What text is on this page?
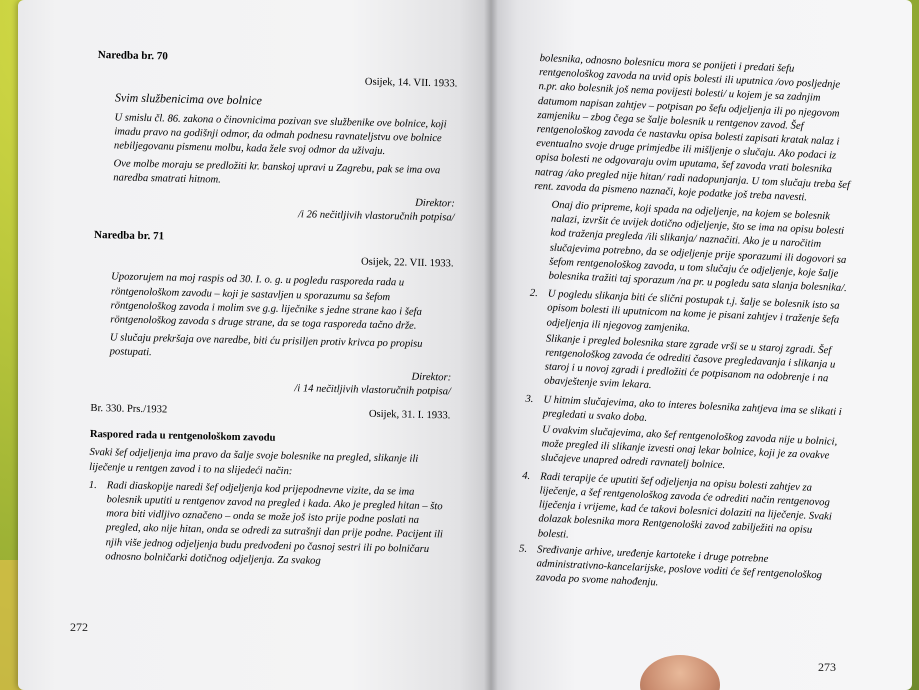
Naredba br. 70
Osijek, 14. VII. 1933.
Svim službenicima ove bolnice
U smislu čl. 86. zakona o činovnicima pozivan sve službenike ove bolnice, koji imadu pravo na godišnji odmor, da odmah podnesu ravnateljstvu ove bolnice nebiljegovanu pismenu molbu, kada žele svoj odmor da uživaju.
Ove molbe moraju se predložiti kr. banskoj upravi u Zagrebu, pak se ima ova naredba smatrati hitnom.
Direktor:
/i 26 nečitljivih vlastoručnih potpisa/
Naredba br. 71
Osijek, 22. VII. 1933.
Upozorujem na moj raspis od 30. I. o. g. u pogledu rasporeda rada u röntgenološkom zavodu – koji je sastavljen u sporazumu sa šefom röntgenološkog zavoda i molim sve g.g. liječnike s jedne strane kao i šefa röntgenološkog zavoda s druge strane, da se toga rasporeda tačno drže.
U slučaju prekršaja ove naredbe, biti ću prisiljen protiv krivca po propisu postupati.
Direktor:
/i 14 nečitljivih vlastoručnih potpisa/
Br. 330. Prs./1932	Osijek, 31. I. 1933.
Raspored rada u rentgenološkom zavodu
Svaki šef odjeljenja ima pravo da šalje svoje bolesnike na pregled, slikanje ili liječenje u rentgen zavod i to na slijedeći način:
1. Radi diaskopije naredi šef odjeljenja kod prijepodnevne vizite, da se ima bolesnik uputiti u rentgenov zavod na pregled i kada. Ako je pregled hitan – što mora biti vidljivo označeno – onda se može još isto prije podne poslati na pregled, ako nije hitan, onda se odredi za sutrašnji dan prije podne. Pacijent ili njih više jednog odjeljenja budu predvođeni po časnoj sestri ili po bolničaru odnosno bolničarki dotičnog odjeljenja. Za svakog
272
bolesnika, odnosno bolesnicu mora se ponijeti i predati šefu rentgenološkog zavoda na uvid opis bolesti ili uputnica /ovo posljednje n.pr. ako bolesnik još nema povijesti bolesti/ u kojem je sa zadnjim datumom napisan zahtjev – potpisan po šefu odjeljenja ili po njegovom zamjeniku – zbog čega se šalje bolesnik u rentgenov zavod. Šef rentgenološkog zavoda će nastavku opisa bolesti zapisati kratak nalaz i eventualno svoje druge primjedbe ili mišljenje o slučaju. Ako podaci iz opisa bolesti ne odgovaraju ovim uputama, šef zavoda vrati bolesnika natrag /ako pregled nije hitan/ radi nadopunjanja. U tom slučaju treba šef rent. zavoda da pismeno naznači, koje podatke još treba navesti.
Onaj dio pripreme, koji spada na odjeljenje, na kojem se bolesnik nalazi, izvršit će uvijek dotično odjeljenje, što se ima na opisu bolesti kod traženja pregleda /ili slikanja/ naznačiti. Ako je u naročitim slučajevima potrebno, da se odjeljenje prije sporazumi ili dogovori sa šefom rentgenološkog zavoda, u tom slučaju će odjeljenje, koje šalje bolesnika tražiti taj sporazum /na pr. u pogledu sata slanja bolesnika/.
2. U pogledu slikanja biti će slični postupak t.j. šalje se bolesnik isto sa opisom bolesti ili uputnicom na kome je pisani zahtjev i traženje šefa odjeljenja ili njegovog zamjenika.
Slikanje i pregled bolesnika stare zgrade vrši se u staroj zgradi. Šef rentgenološkog zavoda će odrediti časove pregledavanja i slikanja u staroj i u novoj zgradi i predložiti će potpisanom na odobrenje i na obavještenje svim lekara.
3. U hitnim slučajevima, ako to interes bolesnika zahtjeva ima se slikati i pregledati u svako doba.
U ovakvim slučajevima, ako šef rentgenološkog zavoda nije u bolnici, može pregled ili slikanje izvesti onaj lekar bolnice, koji je za ovakve slučajeve unapred odredi ravnatelj bolnice.
4. Radi terapije će uputiti šef odjeljenja na opisu bolesti zahtjev za liječenje, a šef rentgenološkog zavoda će odrediti način rentgenovog liječenja i vrijeme, kad će takovi bolesnici dolaziti na liječenje. Svaki dolazak bolesnika mora Rentgenološki zavod zabilježiti na opisu bolesti.
5. Sređivanje arhive, uređenje kartoteke i druge potrebne administrativno-kancelarijske, poslove voditi će šef rentgenološkog zavoda po svome nahođenju.
273
